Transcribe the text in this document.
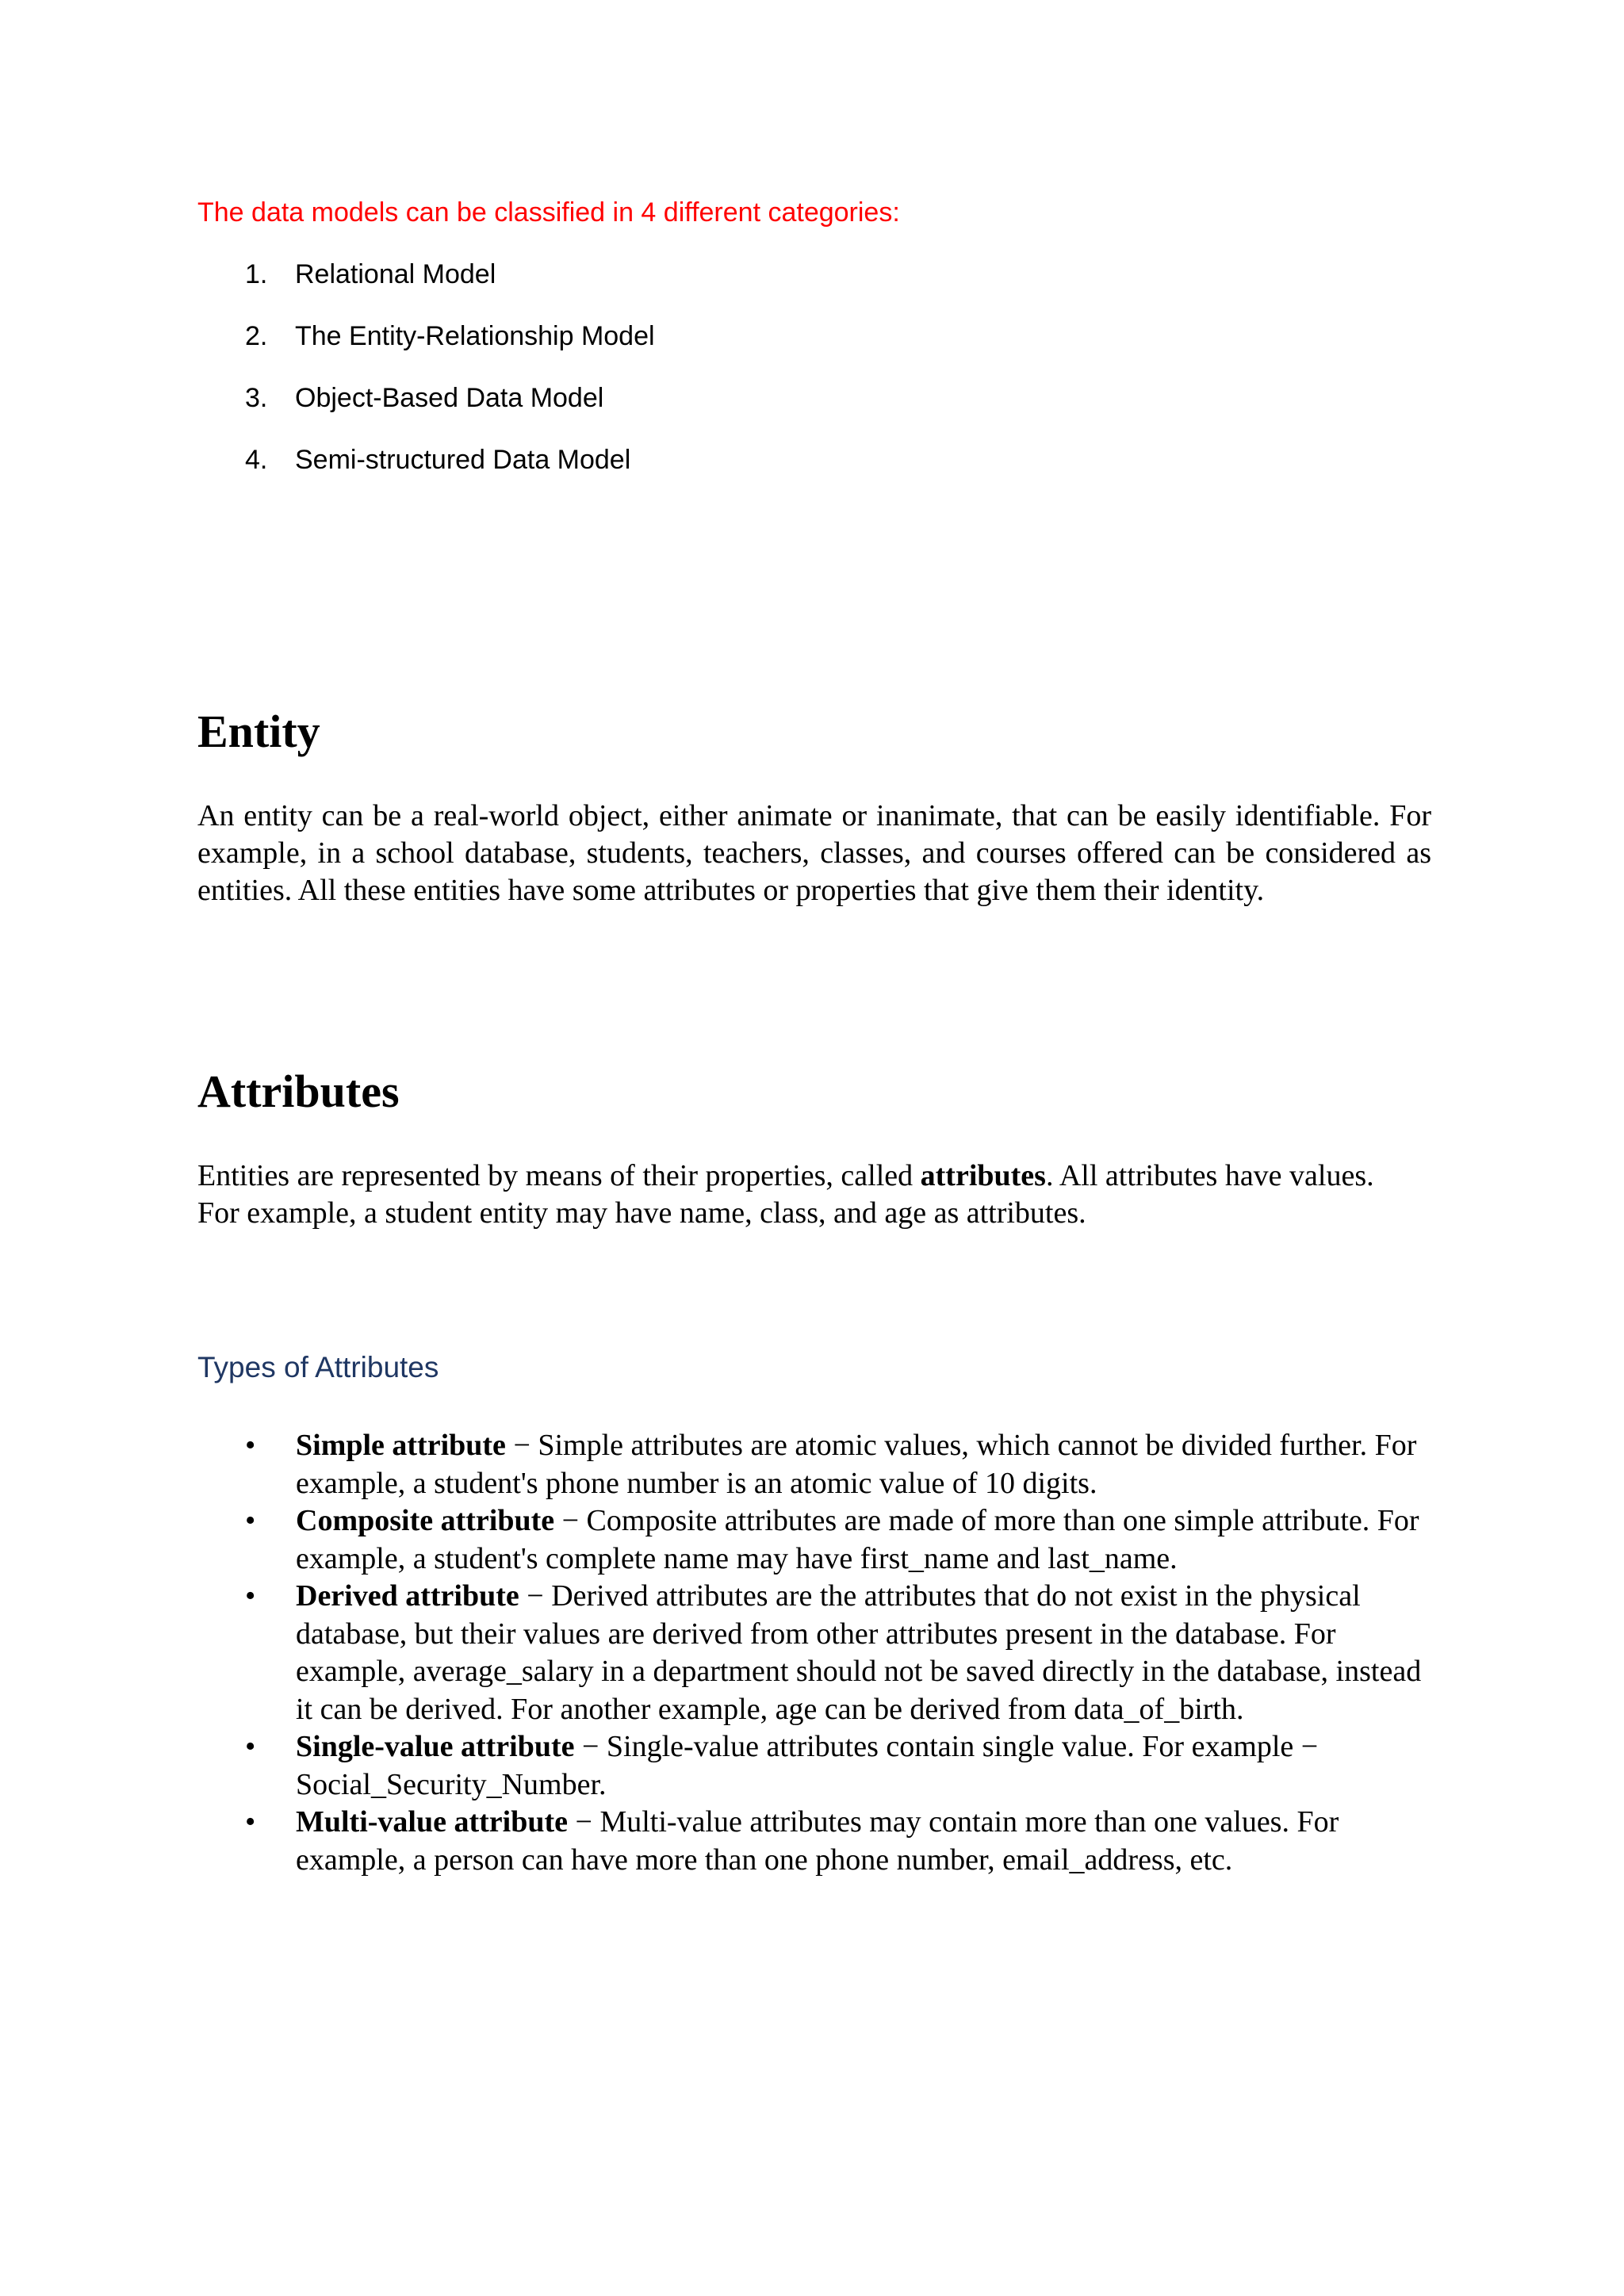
The data models can be classified in 4 different categories:

1. Relational Model
2. The Entity-Relationship Model
3. Object-Based Data Model
4. Semi-structured Data Model
Entity

An entity can be a real-world object, either animate or inanimate, that can be easily identifiable. For example, in a school database, students, teachers, classes, and courses offered can be considered as entities. All these entities have some attributes or properties that give them their identity.

Attributes

Entities are represented by means of their properties, called attributes. All attributes have values. For example, a student entity may have name, class, and age as attributes.

Types of Attributes
• Simple attribute − Simple attributes are atomic values, which cannot be divided further. For example, a student's phone number is an atomic value of 10 digits.
• Composite attribute − Composite attributes are made of more than one simple attribute. For example, a student's complete name may have first_name and last_name.
• Derived attribute − Derived attributes are the attributes that do not exist in the physical database, but their values are derived from other attributes present in the database. For example, average_salary in a department should not be saved directly in the database, instead it can be derived. For another example, age can be derived from data_of_birth.
• Single-value attribute − Single-value attributes contain single value. For example − Social_Security_Number.
• Multi-value attribute − Multi-value attributes may contain more than one values. For example, a person can have more than one phone number, email_address, etc.
